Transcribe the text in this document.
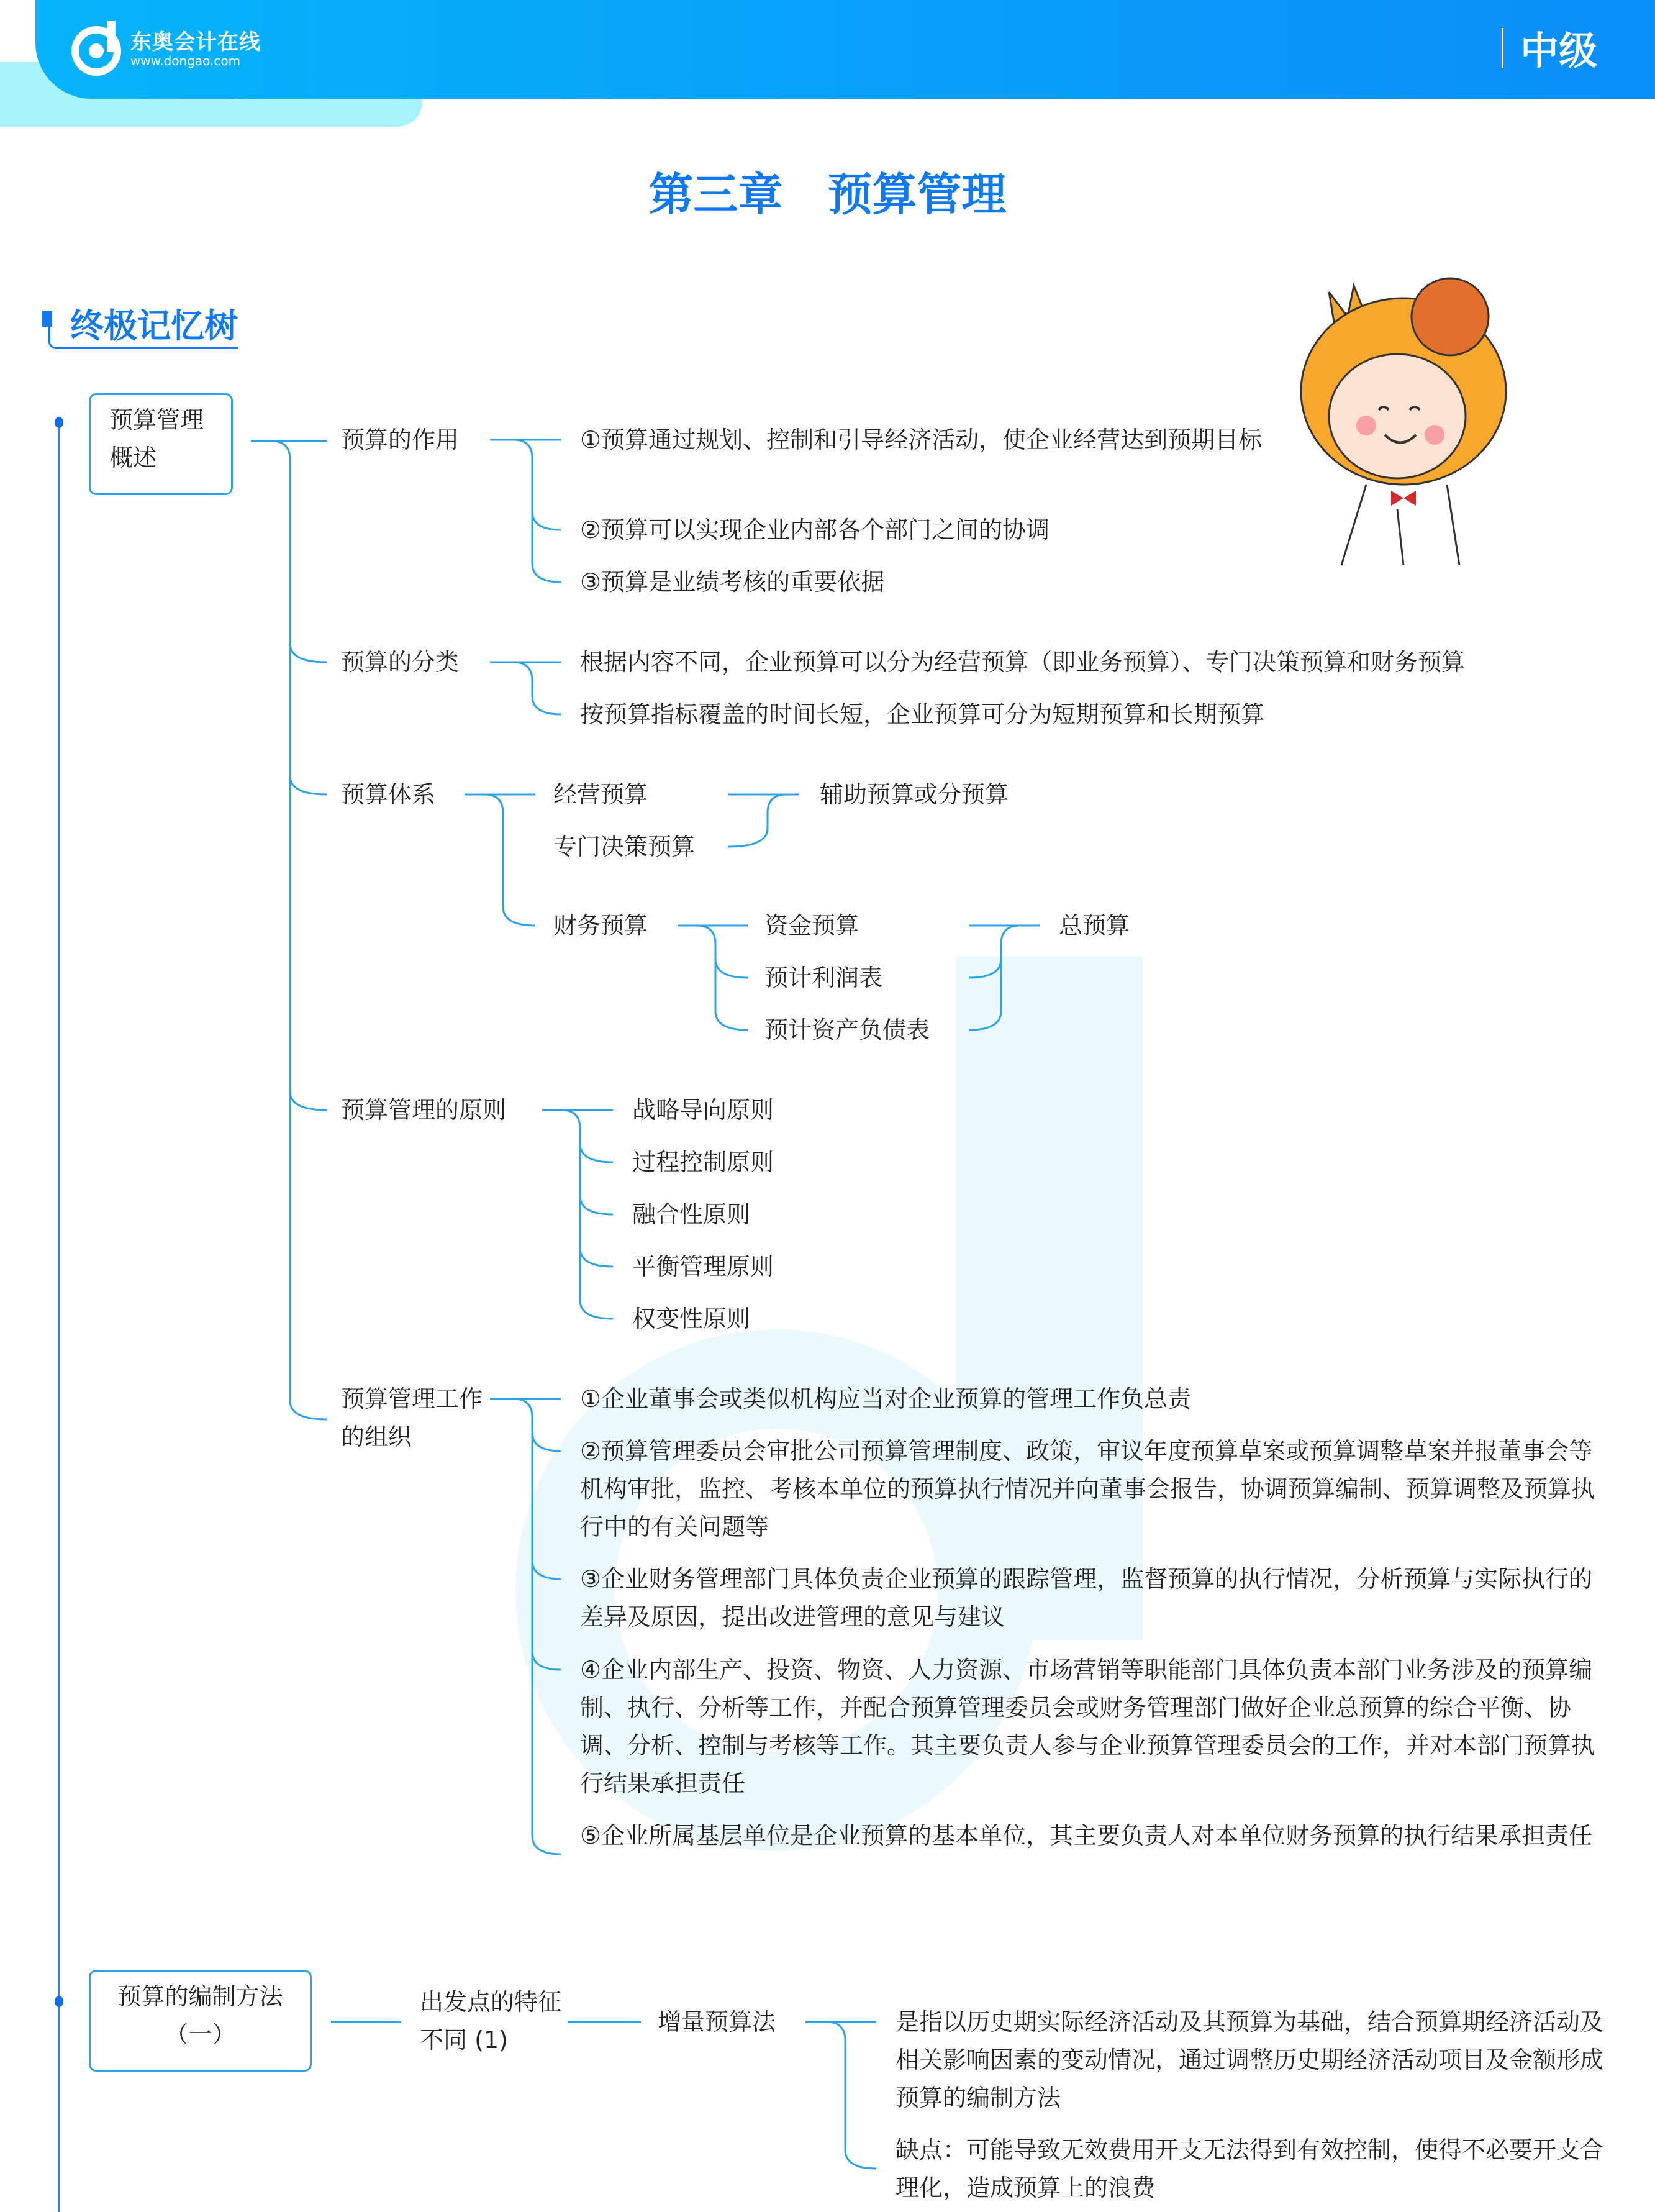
东奥会计在线
www.dongao.com	中级
第三章　预算管理
终极记忆树
预算管理概述
预算的作用	①预算通过规划、控制和引导经济活动，使企业经营达到预期目标
②预算可以实现企业内部各个部门之间的协调
③预算是业绩考核的重要依据
预算的分类	根据内容不同，企业预算可以分为经营预算（即业务预算）、专门决策预算和财务预算
按预算指标覆盖的时间长短，企业预算可分为短期预算和长期预算
预算体系	经营预算
专门决策预算
辅助预算或分预算
财务预算	资金预算
预计利润表
预计资产负债表
总预算
预算管理的原则	战略导向原则
过程控制原则
融合性原则
平衡管理原则
权变性原则
预算管理工作的组织
①企业董事会或类似机构应当对企业预算的管理工作负总责
②预算管理委员会审批公司预算管理制度、政策，审议年度预算草案或预算调整草案并报董事会等机构审批，监控、考核本单位的预算执行情况并向董事会报告，协调预算编制、预算调整及预算执行中的有关问题等
③企业财务管理部门具体负责企业预算的跟踪管理，监督预算的执行情况，分析预算与实际执行的差异及原因，提出改进管理的意见与建议
④企业内部生产、投资、物资、人力资源、市场营销等职能部门具体负责本部门业务涉及的预算编制、执行、分析等工作，并配合预算管理委员会或财务管理部门做好企业总预算的综合平衡、协调、分析、控制与考核等工作。其主要负责人参与企业预算管理委员会的工作，并对本部门预算执行结果承担责任
⑤企业所属基层单位是企业预算的基本单位，其主要负责人对本单位财务预算的执行结果承担责任
预算的编制方法
（一）
出发点的特征不同 (1)
增量预算法	是指以历史期实际经济活动及其预算为基础，结合预算期经济活动及相关影响因素的变动情况，通过调整历史期经济活动项目及金额形成预算的编制方法
缺点：可能导致无效费用开支无法得到有效控制，使得不必要开支合理化，造成预算上的浪费
